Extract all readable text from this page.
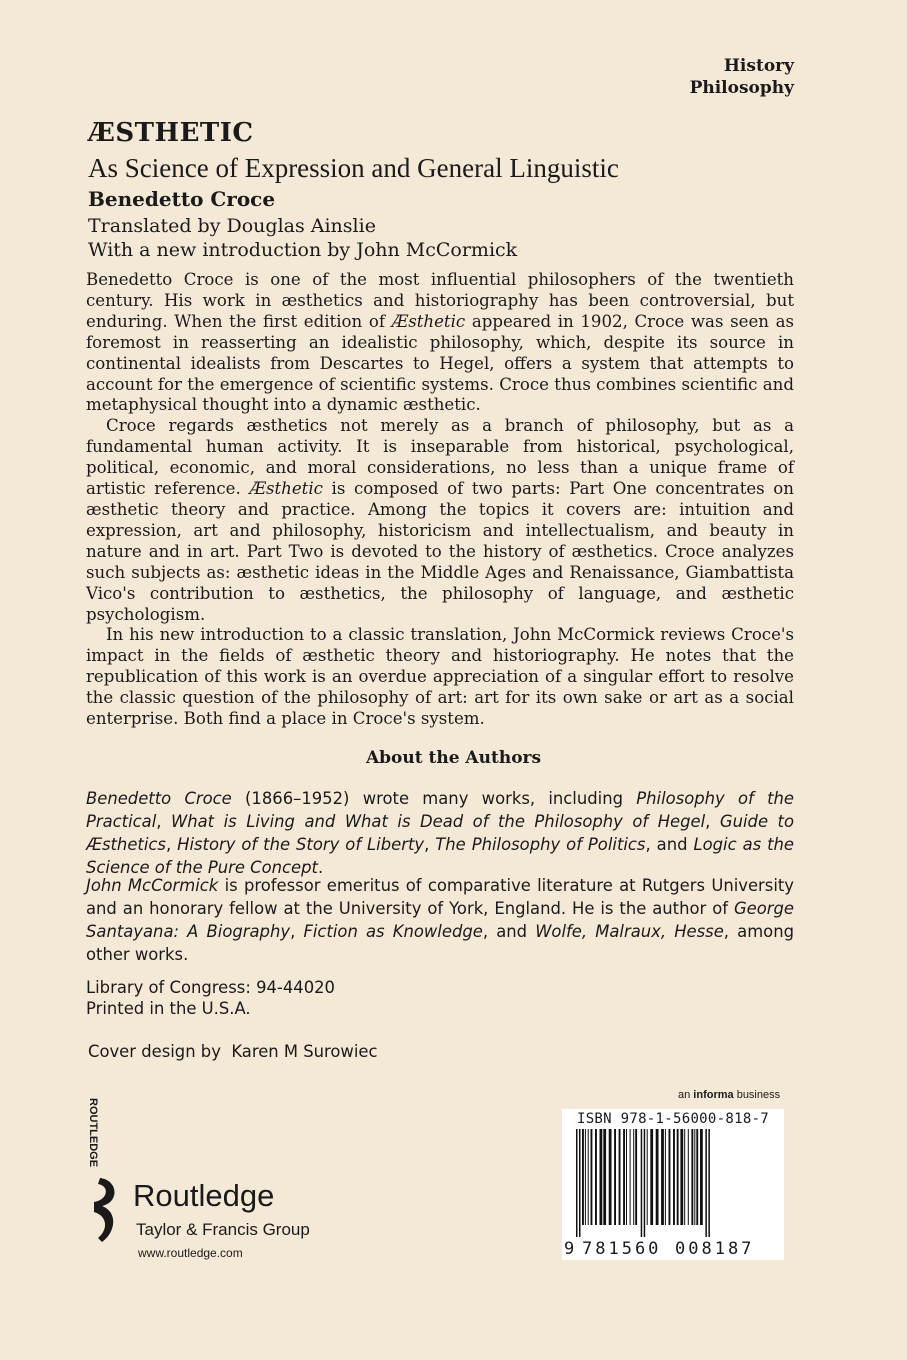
History
Philosophy
ÆSTHETIC
As Science of Expression and General Linguistic
Benedetto Croce
Translated by Douglas Ainslie
With a new introduction by John McCormick

Benedetto Croce is one of the most influential philosophers of the twentieth century. His work in æsthetics and historiography has been controversial, but enduring. When the first edition of Æsthetic appeared in 1902, Croce was seen as foremost in reasserting an idealistic philosophy, which, despite its source in continental idealists from Descartes to Hegel, offers a system that attempts to account for the emergence of scientific systems. Croce thus combines scientific and metaphysical thought into a dynamic æsthetic.

Croce regards æsthetics not merely as a branch of philosophy, but as a fundamental human activity. It is inseparable from historical, psychological, political, economic, and moral considerations, no less than a unique frame of artistic reference. Æsthetic is composed of two parts: Part One concentrates on æsthetic theory and practice. Among the topics it covers are: intuition and expression, art and philosophy, historicism and intellectualism, and beauty in nature and in art. Part Two is devoted to the history of æsthetics. Croce analyzes such subjects as: æsthetic ideas in the Middle Ages and Renaissance, Giambattista Vico's contribution to æsthetics, the philosophy of language, and æsthetic psychologism.

In his new introduction to a classic translation, John McCormick reviews Croce's impact in the fields of æsthetic theory and historiography. He notes that the republication of this work is an overdue appreciation of a singular effort to resolve the classic question of the philosophy of art: art for its own sake or art as a social enterprise. Both find a place in Croce's system.

About the Authors
Benedetto Croce (1866–1952) wrote many works, including Philosophy of the Practical, What is Living and What is Dead of the Philosophy of Hegel, Guide to Æsthetics, History of the Story of Liberty, The Philosophy of Politics, and Logic as the Science of the Pure Concept.
John McCormick is professor emeritus of comparative literature at Rutgers University and an honorary fellow at the University of York, England. He is the author of George Santayana: A Biography, Fiction as Knowledge, and Wolfe, Malraux, Hesse, among other works.
Library of Congress: 94-44020
Printed in the U.S.A.
Cover design by  Karen M Surowiec
an informa business
ISBN 978-1-56000-818-7
9 781560 008187
ROUTLEDGE
Routledge
Taylor & Francis Group
www.routledge.com
